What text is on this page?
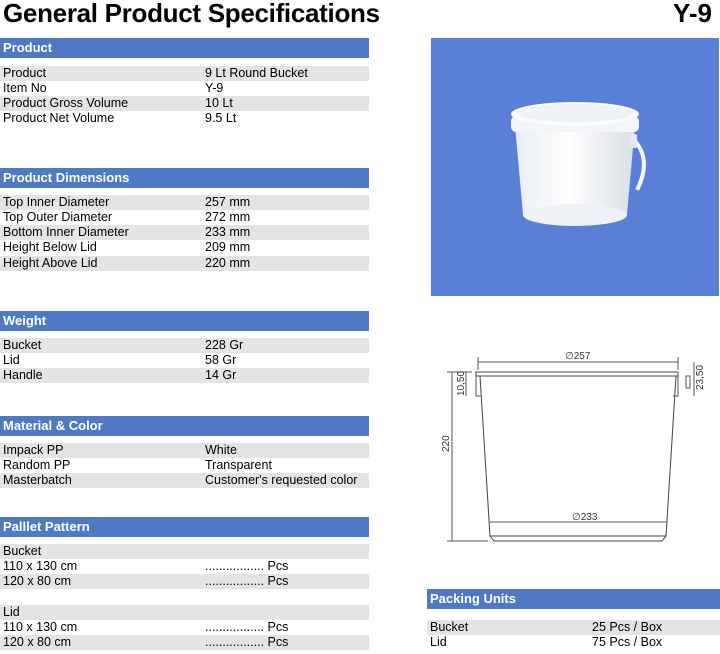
General Product Specifications	Y-9
Product
Product	9 Lt Round Bucket
Item No	Y-9
Product Gross Volume	10 Lt
Product Net Volume	9.5 Lt
Product Dimensions
Top Inner Diameter	257 mm
Top Outer Diameter	272 mm
Bottom Inner Diameter	233 mm
Height Below Lid	209 mm
Height Above Lid	220 mm
Weight
Bucket	228 Gr
Lid	58 Gr
Handle	14 Gr
Material & Color
Impack PP	White
Random PP	Transparent
Masterbatch	Customer's requested color
Palllet Pattern
Bucket
110 x 130 cm	................. Pcs
120 x 80 cm	................. Pcs
Lid
110 x 130 cm	................. Pcs
120 x 80 cm	................. Pcs
∅257
∅233
220
10,50	23,50
Packing Units
Bucket	25 Pcs / Box
Lid	75 Pcs / Box
